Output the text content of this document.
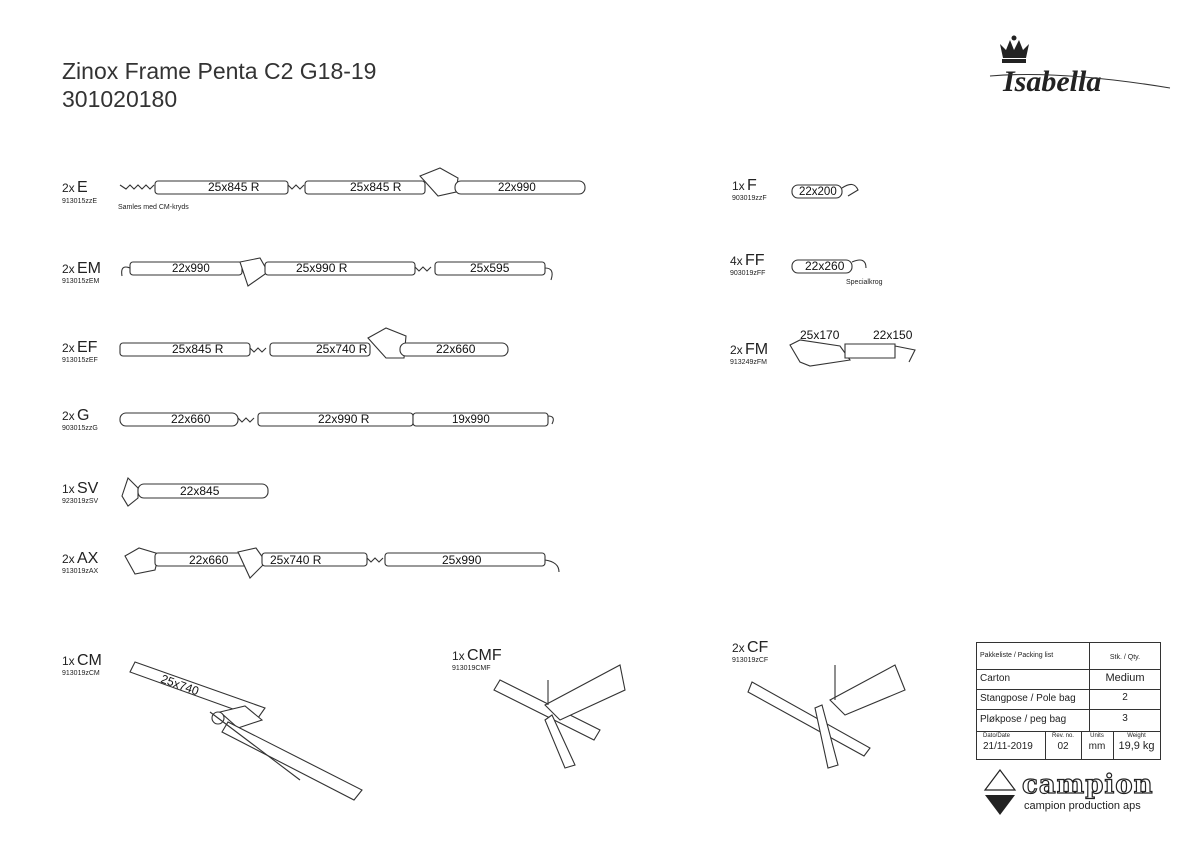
Zinox Frame Penta C2 G18-19
301020180
Isabella
2x E
913015zzE
25x845 R	25x845 R	22x990
Samles med CM-kryds
2x EM
913015zEM
22x990	25x990 R	25x595
2x EF
913015zEF
25x845 R	25x740 R	22x660
2x G
903015zzG
22x660	22x990 R	19x990
1x SV
923019zSV
22x845
2x AX
913019zAX
22x660	25x740 R	25x990
1x F
903019zzF
22x200
4x FF
903019zFF
22x260
Specialkrog
2x FM
913249zFM
25x170	22x150
1x CM
913019zCM	25x740
1x CMF
913019CMF
2x CF
913019zCF
Pakkeliste / Packing list	$_{Stk. / Qty.}$
Carton	Medium
Stangpose / Pole bag	2
Pløkpose / peg bag	3
Dato/Date
21/11-2019
Rev. no.
02
Units
mm
Weight
19,9 kg
campion
campion production aps
